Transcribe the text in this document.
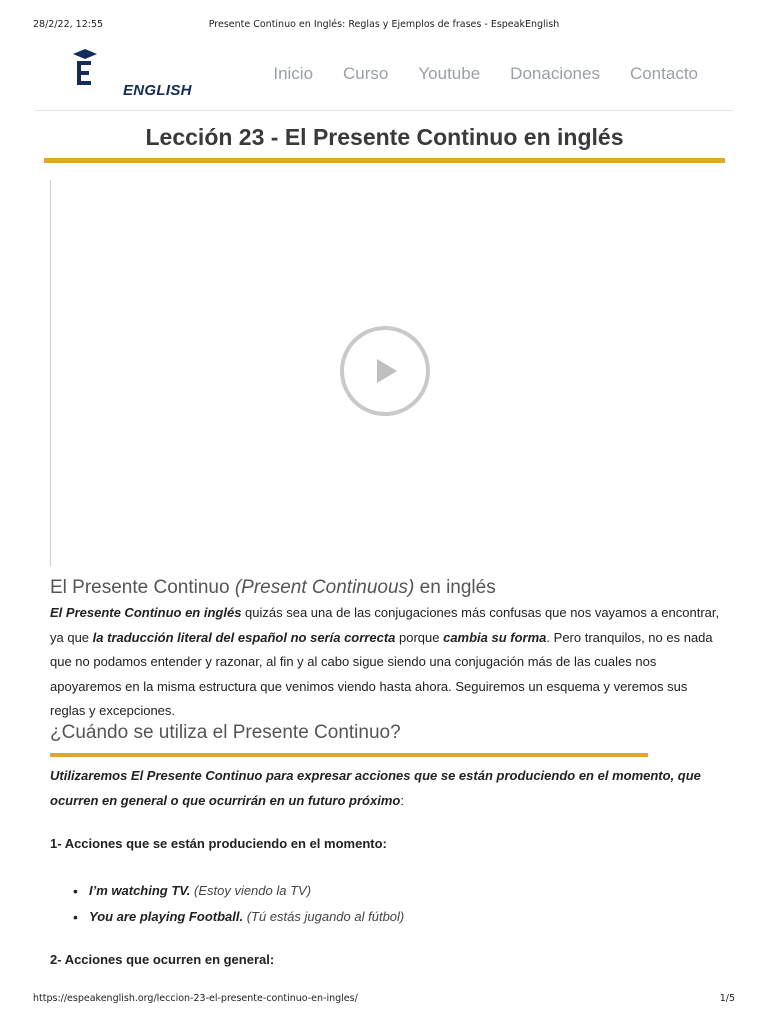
28/2/22, 12:55	Presente Continuo en Inglés: Reglas y Ejemplos de frases - EspeakEnglish
ENGLISH
Inicio Curso Youtube Donaciones Contacto
Lección 23 - El Presente Continuo en inglés
El Presente Continuo (Present Continuous) en inglés
El Presente Continuo en inglés quizás sea una de las conjugaciones más confusas que nos vayamos a encontrar, ya que la traducción literal del español no sería correcta porque cambia su forma. Pero tranquilos, no es nada que no podamos entender y razonar, al fin y al cabo sigue siendo una conjugación más de las cuales nos apoyaremos en la misma estructura que venimos viendo hasta ahora. Seguiremos un esquema y veremos sus reglas y excepciones.
¿Cuándo se utiliza el Presente Continuo?
Utilizaremos El Presente Continuo para expresar acciones que se están produciendo en el momento, que ocurren en general o que ocurrirán en un futuro próximo:
1- Acciones que se están produciendo en el momento:
• I’m watching TV. (Estoy viendo la TV)
• You are playing Football. (Tú estás jugando al fútbol)
2- Acciones que ocurren en general:
https://espeakenglish.org/leccion-23-el-presente-continuo-en-ingles/	1/5
